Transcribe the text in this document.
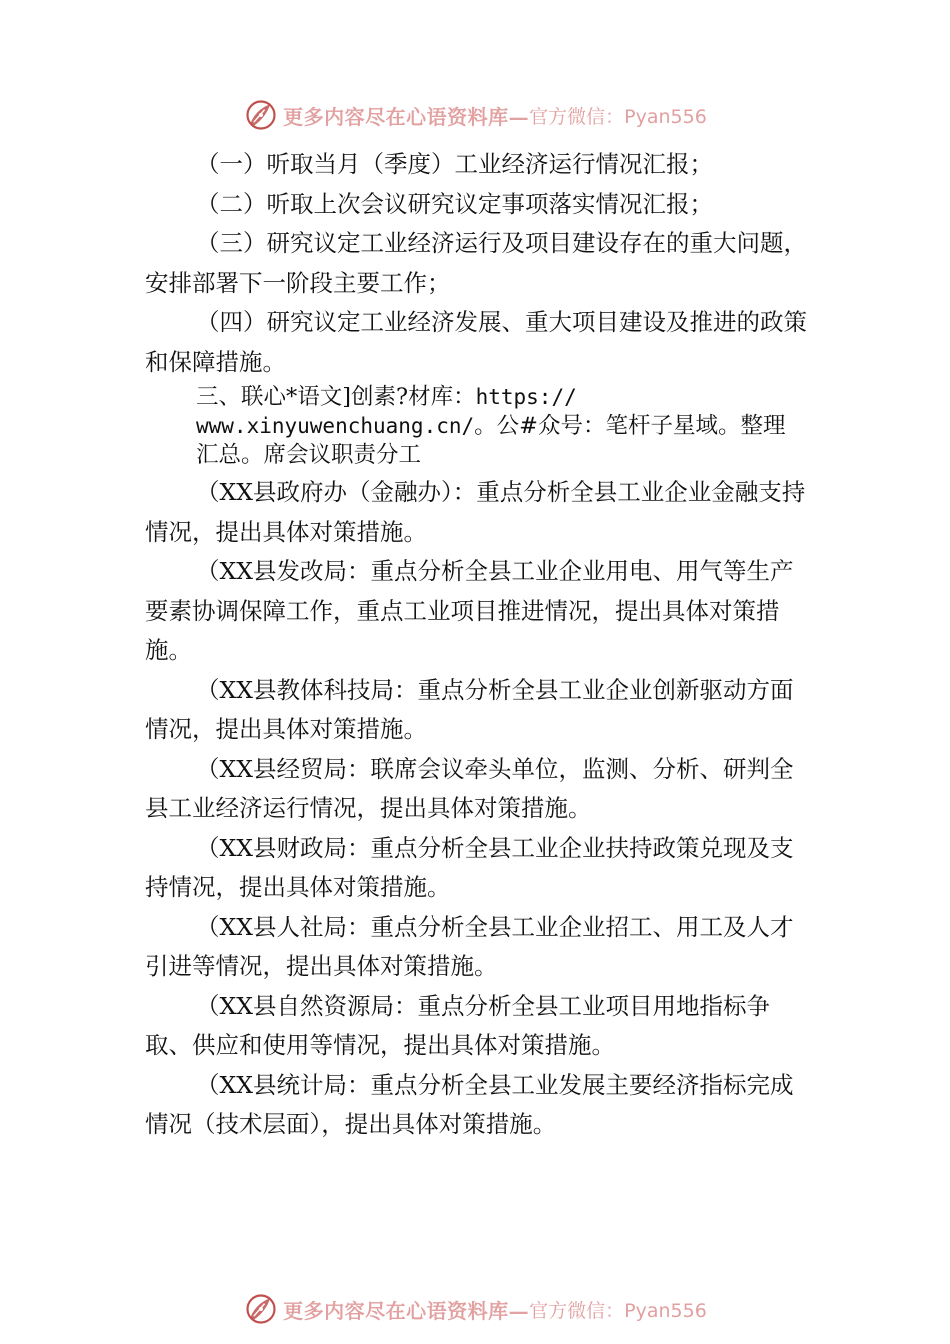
更多内容尽在心语资料库— 官方微信：Pyan556

（一）听取当月（季度）工业经济运行情况汇报；

（二）听取上次会议研究议定事项落实情况汇报；

（三）研究议定工业经济运行及项目建设存在的重大问题，安排部署下一阶段主要工作；

（四）研究议定工业经济发展、重大项目建设及推进的政策和保障措施。

三、联心*语文]创素?材库：https://
www.xinyuwenchuang.cn/。公#众号：笔杆子星域。整理
汇总。席会议职责分工

（XX县政府办（金融办）：重点分析全县工业企业金融支持情况，提出具体对策措施。

（XX县发改局：重点分析全县工业企业用电、用气等生产要素协调保障工作，重点工业项目推进情况，提出具体对策措施。

（XX县教体科技局：重点分析全县工业企业创新驱动方面情况，提出具体对策措施。

（XX县经贸局：联席会议牵头单位，监测、分析、研判全县工业经济运行情况，提出具体对策措施。

（XX县财政局：重点分析全县工业企业扶持政策兑现及支持情况，提出具体对策措施。

（XX县人社局：重点分析全县工业企业招工、用工及人才引进等情况，提出具体对策措施。

（XX县自然资源局：重点分析全县工业项目用地指标争取、供应和使用等情况，提出具体对策措施。

（XX县统计局：重点分析全县工业发展主要经济指标完成情况（技术层面），提出具体对策措施。

更多内容尽在心语资料库— 官方微信：Pyan556
